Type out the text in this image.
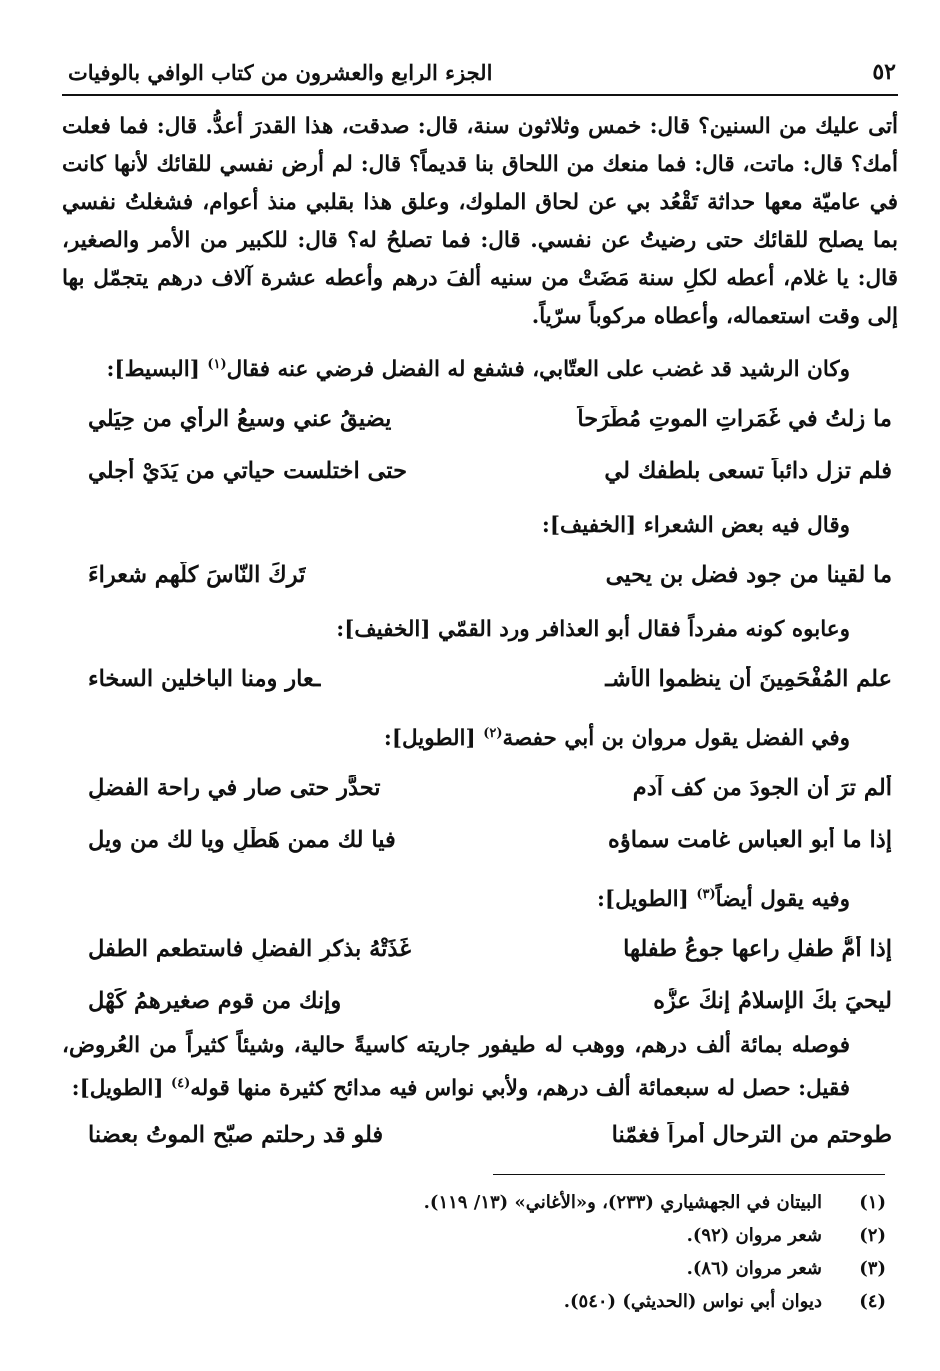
٥٢
الجزء الرابع والعشرون من كتاب الوافي بالوفيات

أتى عليك من السنين؟ قال: خمس وثلاثون سنة، قال: صدقت، هذا القدرَ أعدُّ. قال: فما فعلت أمك؟ قال: ماتت، قال: فما منعك من اللحاق بنا قديماً؟ قال: لم أرض نفسي للقائك لأنها كانت في عاميّة معها حداثة تَقْعُد بي عن لحاق الملوك، وعلق هذا بقلبي منذ أعوام، فشغلتُ نفسي بما يصلح للقائك حتى رضيتُ عن نفسي. قال: فما تصلحُ له؟ قال: للكبير من الأمر والصغير، قال: يا غلام، أعطه لكلِ سنة مَضَتْ من سنيه ألفَ درهم وأعطه عشرة آلاف درهم يتجمّل بها إلى وقت استعماله، وأعطاه مركوباً سرّياً.

وكان الرشيد قد غضب على العتّابي، فشفع له الفضل فرضي عنه فقال$^{(١)}$ [البسيط]:
ما زلتُ في غَمَراتِ الموتِ مُطّرَحاً
يضيقُ عني وسيعُ الرأي من حِيَلي
فلم تزل دائباً تسعى بلطفك لي
حتى اختلست حياتي من يَدَيْ أجلي
وقال فيه بعض الشعراء [الخفيف]:
ما لقينا من جود فضل بن يحيى
تَركَ النّاسَ كلّهم شعراءَ
وعابوه كونه مفرداً فقال أبو العذافر ورد القمّي [الخفيف]:
علم المُفْحَمِينَ أن ينظموا الأشـ
ـعار ومنا الباخلين السخاء
وفي الفضل يقول مروان بن أبي حفصة$^{(٢)}$ [الطويل]:
ألم ترَ أن الجودَ من كف آدم
تحدَّر حتى صار في راحة الفضلِ
إذا ما أبو العباس غامت سماؤه
فيا لك ممن هَطْلٍ ويا لك من ويل
وفيه يقول أيضاً$^{(٣)}$ [الطويل]:
إذا أمُّ طفلٍ راعها جوعُ طفلها
غَذَتْهُ بذكرِ الفضلِ فاستطعم الطفل
ليحيَ بكَ الإسلامُ إنكَ عزُّه
وإنك من قوم صغيرهمُ كَهْل

فوصله بمائة ألف درهم، ووهب له طيفور جاريته كاسيةً حالية، وشيئاً كثيراً من العُروض، فقيل: حصل له سبعمائة ألف درهم، ولأبي نواس فيه مدائح كثيرة منها قوله$^{(٤)}$ [الطويل]:

طوحتم من الترحال أمراً فغمّنا
فلو قد رحلتم صبّح الموتُ بعضنا
(١)
البيتان في الجهشياري (٢٣٣)، و«الأغاني» (١٣/ ١١٩).
(٢)
شعر مروان (٩٢).
(٣)
شعر مروان (٨٦).
(٤)
ديوان أبي نواس (الحديثي) (٥٤٠).
